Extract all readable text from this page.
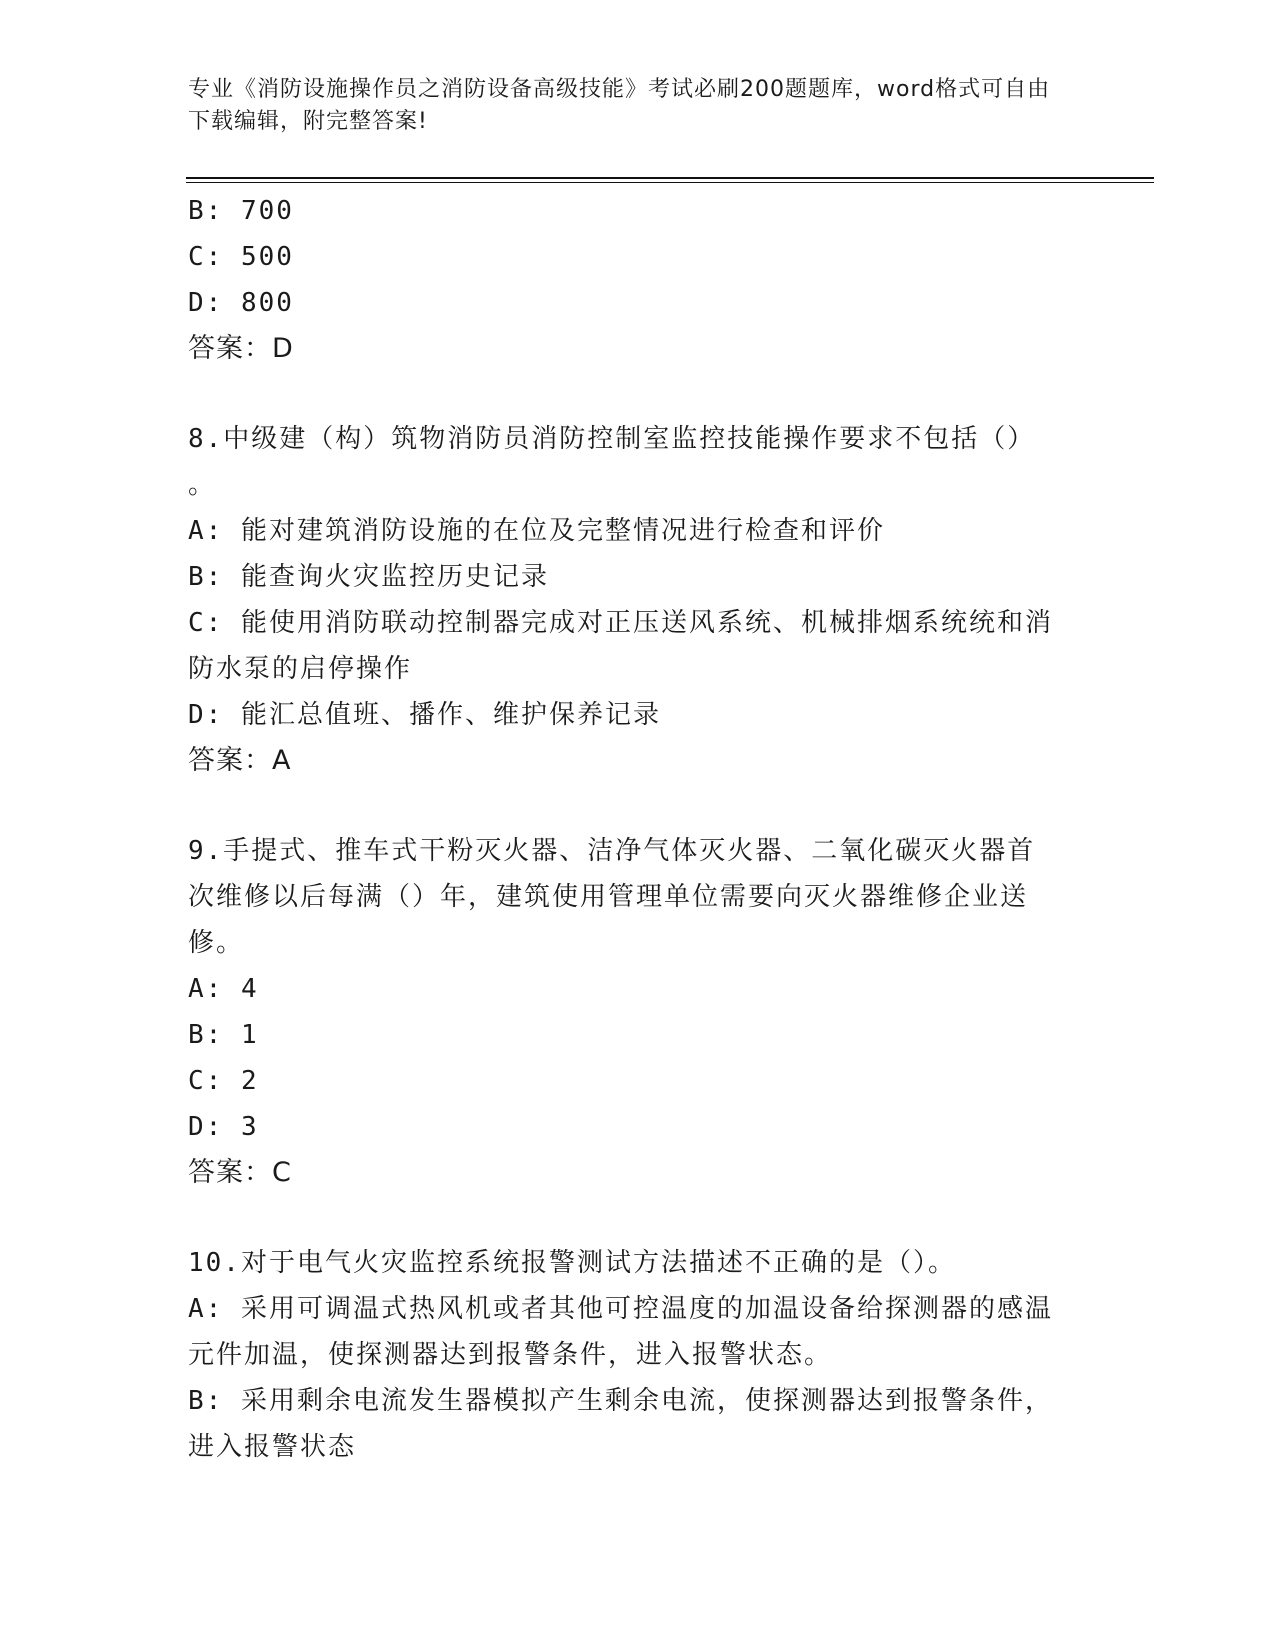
专业《消防设施操作员之消防设备高级技能》考试必刷200题题库，word格式可自由下载编辑，附完整答案!
B: 700
C: 500
D: 800
答案：D
8.中级建（构）筑物消防员消防控制室监控技能操作要求不包括（）
。
A: 能对建筑消防设施的在位及完整情况进行检查和评价
B: 能查询火灾监控历史记录
C: 能使用消防联动控制器完成对正压送风系统、机械排烟系统统和消
防水泵的启停操作
D: 能汇总值班、播作、维护保养记录
答案：A
9.手提式、推车式干粉灭火器、洁净气体灭火器、二氧化碳灭火器首
次维修以后每满（）年，建筑使用管理单位需要向灭火器维修企业送
修。
A: 4
B: 1
C: 2
D: 3
答案：C
10.对于电气火灾监控系统报警测试方法描述不正确的是（）。
A: 采用可调温式热风机或者其他可控温度的加温设备给探测器的感温
元件加温，使探测器达到报警条件，进入报警状态。
B: 采用剩余电流发生器模拟产生剩余电流，使探测器达到报警条件，
进入报警状态
